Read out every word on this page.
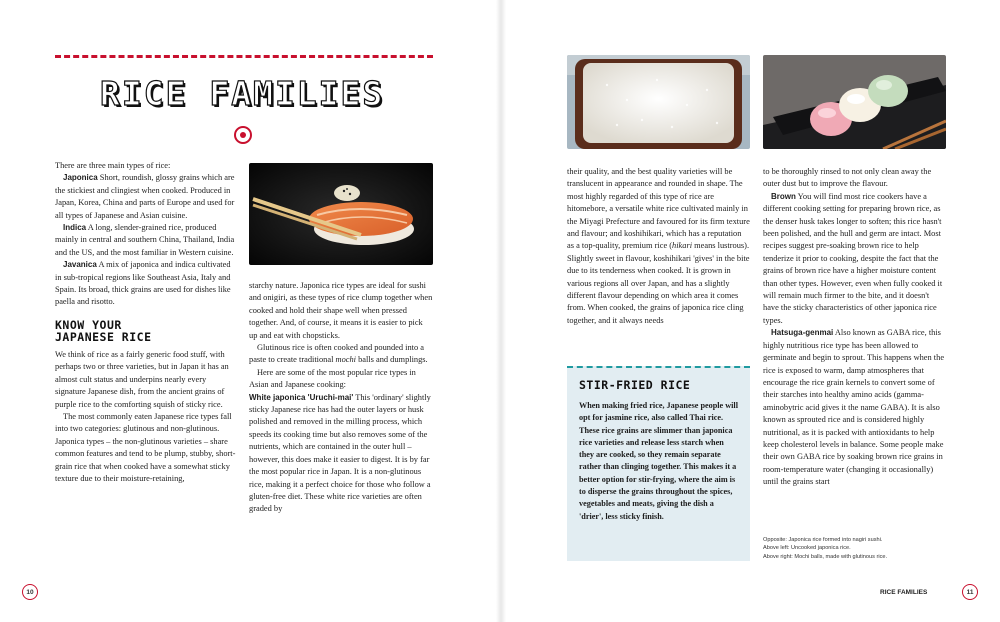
RICE FAMILIES

There are three main types of rice:

Japonica Short, roundish, glossy grains which are the stickiest and clingiest when cooked. Produced in Japan, Korea, China and parts of Europe and used for all types of Japanese and Asian cuisine.

Indica A long, slender-grained rice, produced mainly in central and southern China, Thailand, India and the US, and the most familiar in Western cuisine.

Javanica A mix of japonica and indica cultivated in sub-tropical regions like Southeast Asia, Italy and Spain. Its broad, thick grains are used for dishes like paella and risotto.

KNOW YOUR
JAPANESE RICE

We think of rice as a fairly generic food stuff, with perhaps two or three varieties, but in Japan it has an almost cult status and underpins nearly every signature Japanese dish, from the ancient grains of purple rice to the comforting squish of sticky rice.

The most commonly eaten Japanese rice types fall into two categories: glutinous and non-glutinous. Japonica types – the non-glutinous varieties – share common features and tend to be plump, stubby, short-grain rice that when cooked have a somewhat sticky texture due to their moisture-retaining,

starchy nature. Japonica rice types are ideal for sushi and onigiri, as these types of rice clump together when cooked and hold their shape well when pressed together. And, of course, it means it is easier to pick up and eat with chopsticks.

Glutinous rice is often cooked and pounded into a paste to create traditional mochi balls and dumplings.

Here are some of the most popular rice types in Asian and Japanese cooking:

White japonica 'Uruchi-mai' This 'ordinary' slightly sticky Japanese rice has had the outer layers or husk polished and removed in the milling process, which speeds its cooking time but also removes some of the nutrients, which are contained in the outer hull – however, this does make it easier to digest. It is by far the most popular rice in Japan. It is a non-glutinous rice, making it a perfect choice for those who follow a gluten-free diet. These white rice varieties are often graded by

10

their quality, and the best quality varieties will be translucent in appearance and rounded in shape. The most highly regarded of this type of rice are hitomebore, a versatile white rice cultivated mainly in the Miyagi Prefecture and favoured for its firm texture and flavour; and koshihikari, which has a reputation as a top-quality, premium rice (hikari means lustrous). Slightly sweet in flavour, koshihikari 'gives' in the bite due to its tenderness when cooked. It is grown in various regions all over Japan, and has a slightly different flavour depending on which area it comes from. When cooked, the grains of japonica rice cling together, and it always needs

STIR-FRIED RICE

When making fried rice, Japanese people will opt for jasmine rice, also called Thai rice. These rice grains are slimmer than japonica rice varieties and release less starch when they are cooked, so they remain separate rather than clinging together. This makes it a better option for stir-frying, where the aim is to disperse the grains throughout the spices, vegetables and meats, giving the dish a 'drier', less sticky finish.

to be thoroughly rinsed to not only clean away the outer dust but to improve the flavour.

Brown You will find most rice cookers have a different cooking setting for preparing brown rice, as the denser husk takes longer to soften; this rice hasn't been polished, and the hull and germ are intact. Most recipes suggest pre-soaking brown rice to help tenderize it prior to cooking, despite the fact that the grains of brown rice have a higher moisture content than other types. However, even when fully cooked it will remain much firmer to the bite, and it doesn't have the sticky characteristics of other japonica rice types.

Hatsuga-genmai Also known as GABA rice, this highly nutritious rice type has been allowed to germinate and begin to sprout. This happens when the rice is exposed to warm, damp atmospheres that encourage the rice grain kernels to convert some of their starches into healthy amino acids (gamma-aminobytric acid gives it the name GABA). It is also known as sprouted rice and is considered highly nutritional, as it is packed with antioxidants to help keep cholesterol levels in balance. Some people make their own GABA rice by soaking brown rice grains in room-temperature water (changing it occasionally) until the grains start

Opposite: Japonica rice formed into nagiri sushi.
Above left: Uncooked japonica rice.
Above right: Mochi balls, made with glutinous rice.
RICE FAMILIES	11
